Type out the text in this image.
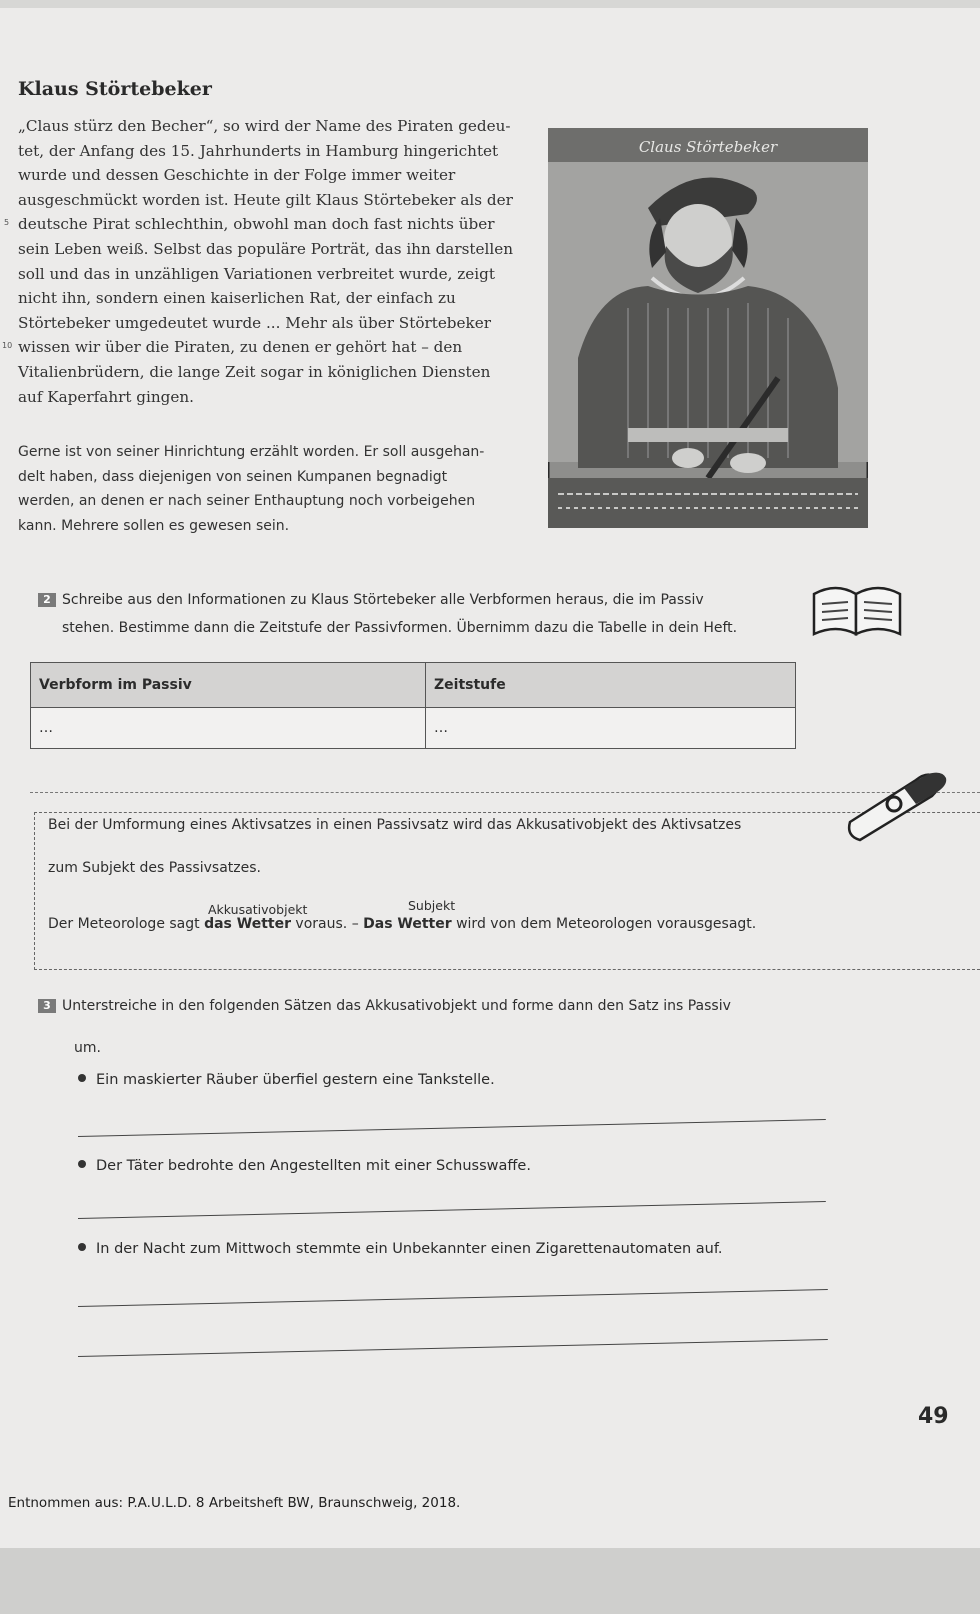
Klaus Störtebeker
„Claus stürz den Becher“, so wird der Name des Piraten gedeu-
tet, der Anfang des 15. Jahrhunderts in Hamburg hingerichtet
wurde und dessen Geschichte in der Folge immer weiter
ausgeschmückt worden ist. Heute gilt Klaus Störtebeker als der
deutsche Pirat schlechthin, obwohl man doch fast nichts über
sein Leben weiß. Selbst das populäre Porträt, das ihn darstellen
soll und das in unzähligen Variationen verbreitet wurde, zeigt
nicht ihn, sondern einen kaiserlichen Rat, der einfach zu
Störtebeker umgedeutet wurde ... Mehr als über Störtebeker
wissen wir über die Piraten, zu denen er gehört hat – den
Vitalienbrüdern, die lange Zeit sogar in königlichen Diensten
auf Kaperfahrt gingen.
5
10
Gerne ist von seiner Hinrichtung erzählt worden. Er soll ausgehan-
delt haben, dass diejenigen von seinen Kumpanen begnadigt
werden, an denen er nach seiner Enthauptung noch vorbeigehen
kann. Mehrere sollen es gewesen sein.
Claus Störtebeker
2 Schreibe aus den Informationen zu Klaus Störtebeker alle Verbformen heraus, die im Passiv
stehen. Bestimme dann die Zeitstufe der Passivformen. Übernimm dazu die Tabelle in dein Heft.
Verbform im Passiv	Zeitstufe
…	…
Bei der Umformung eines Aktivsatzes in einen Passivsatz wird das Akkusativobjekt des Aktivsatzes
zum Subjekt des Passivsatzes.
Akkusativobjekt	Subjekt
Der Meteorologe sagt das Wetter voraus. – Das Wetter wird von dem Meteorologen vorausgesagt.
3 Unterstreiche in den folgenden Sätzen das Akkusativobjekt und forme dann den Satz ins Passiv
um.
Ein maskierter Räuber überfiel gestern eine Tankstelle.
Der Täter bedrohte den Angestellten mit einer Schusswaffe.
In der Nacht zum Mittwoch stemmte ein Unbekannter einen Zigarettenautomaten auf.
49
Entnommen aus: P.A.U.L.D. 8 Arbeitsheft BW, Braunschweig, 2018.
